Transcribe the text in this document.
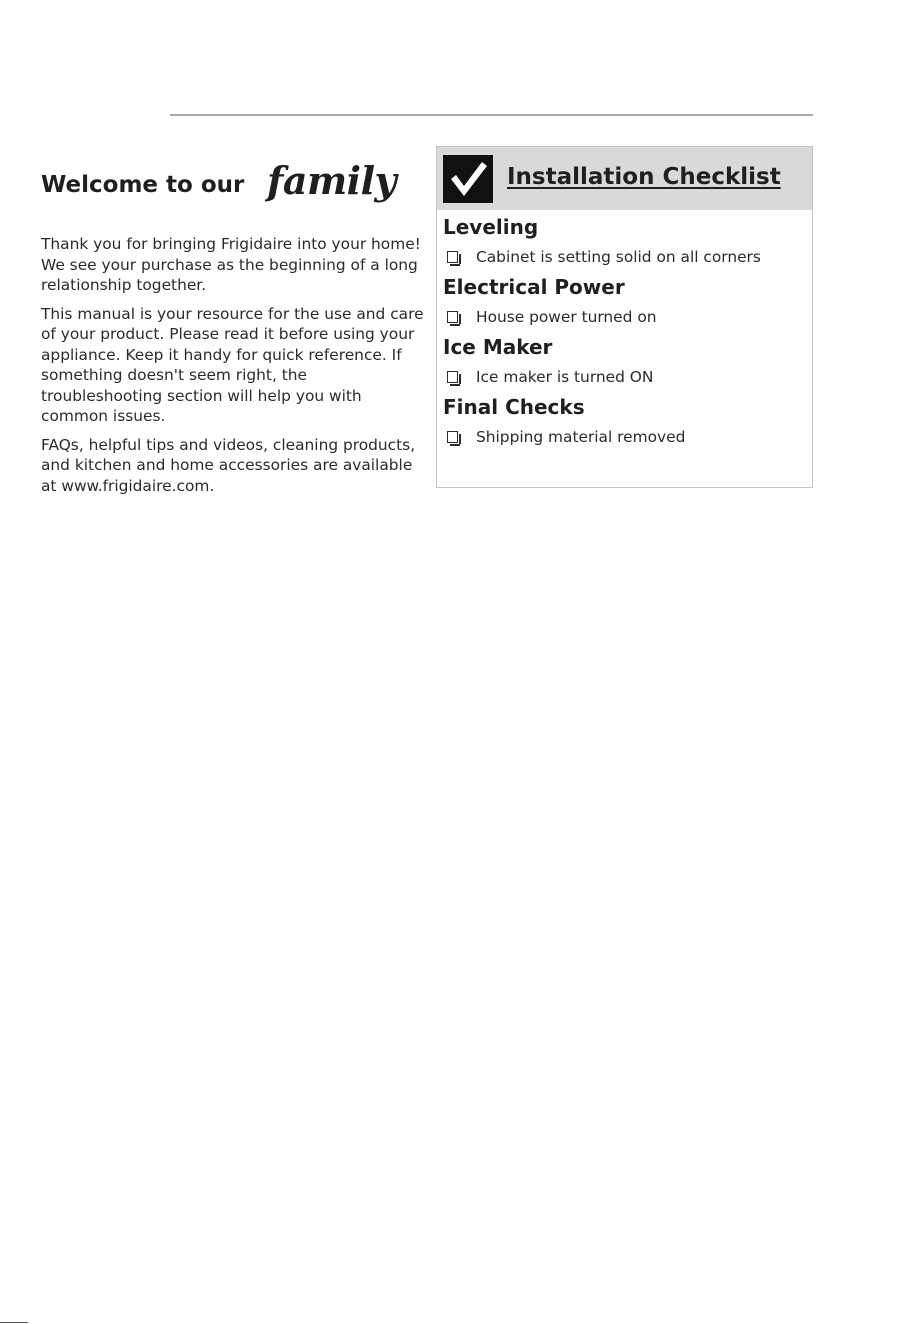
Welcome to our family

Thank you for bringing Frigidaire into your home! We see your purchase as the beginning of a long relationship together.

This manual is your resource for the use and care of your product. Please read it before using your appliance. Keep it handy for quick reference. If something doesn't seem right, the troubleshooting section will help you with common issues.

FAQs, helpful tips and videos, cleaning products, and kitchen and home accessories are available at www.frigidaire.com.

Installation Checklist
Leveling
Cabinet is setting solid on all corners
Electrical Power
House power turned on
Ice Maker
Ice maker is turned ON
Final Checks
Shipping material removed
